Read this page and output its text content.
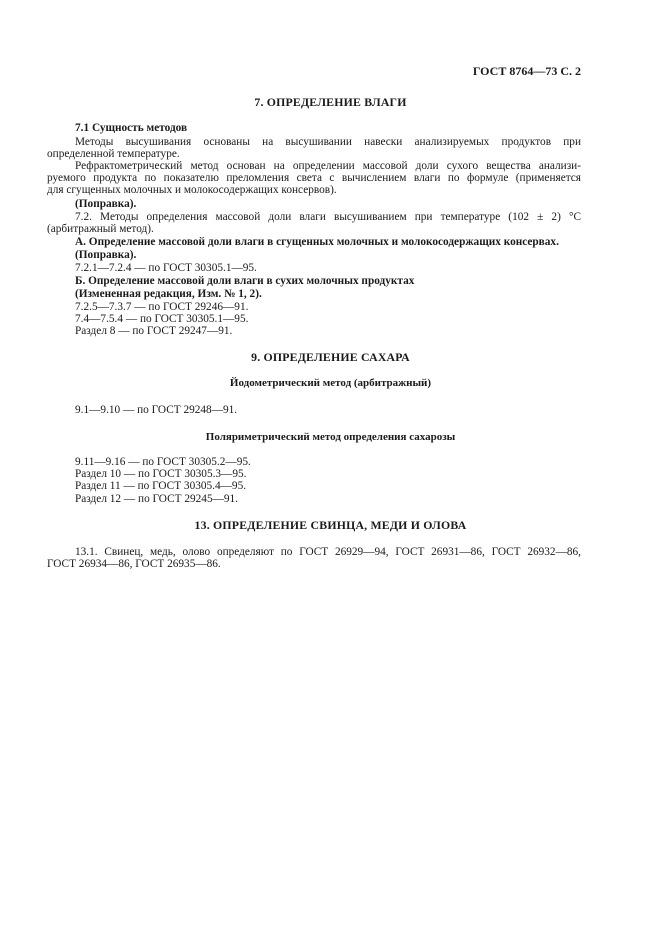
ГОСТ 8764—73 С. 2
7. ОПРЕДЕЛЕНИЕ ВЛАГИ
7.1 Сущность методов
Методы высушивания основаны на высушивании навески анализируемых продуктов при
определенной температуре.
Рефрактометрический метод основан на определении массовой доли сухого вещества анализи-
руемого продукта по показателю преломления света с вычислением влаги по формуле (применяется
для сгущенных молочных и молокосодержащих консервов).
(Поправка).
7.2. Методы определения массовой доли влаги высушиванием при температуре (102 ± 2) °С
(арбитражный метод).
А. Определение массовой доли влаги в сгущенных молочных и молокосодержащих консервах.
(Поправка).
7.2.1—7.2.4 — по ГОСТ 30305.1—95.
Б. Определение массовой доли влаги в сухих молочных продуктах
(Измененная редакция, Изм. № 1, 2).
7.2.5—7.3.7 — по ГОСТ 29246—91.
7.4—7.5.4 — по ГОСТ 30305.1—95.
Раздел 8 — по ГОСТ 29247—91.
9. ОПРЕДЕЛЕНИЕ САХАРА
Йодометрический метод (арбитражный)
9.1—9.10 — по ГОСТ 29248—91.
Поляриметрический метод определения сахарозы
9.11—9.16 — по ГОСТ 30305.2—95.
Раздел 10 — по ГОСТ 30305.3—95.
Раздел 11 — по ГОСТ 30305.4—95.
Раздел 12 — по ГОСТ 29245—91.
13. ОПРЕДЕЛЕНИЕ СВИНЦА, МЕДИ И ОЛОВА
13.1. Свинец, медь, олово определяют по ГОСТ 26929—94, ГОСТ 26931—86, ГОСТ 26932—86,
ГОСТ 26934—86, ГОСТ 26935—86.
